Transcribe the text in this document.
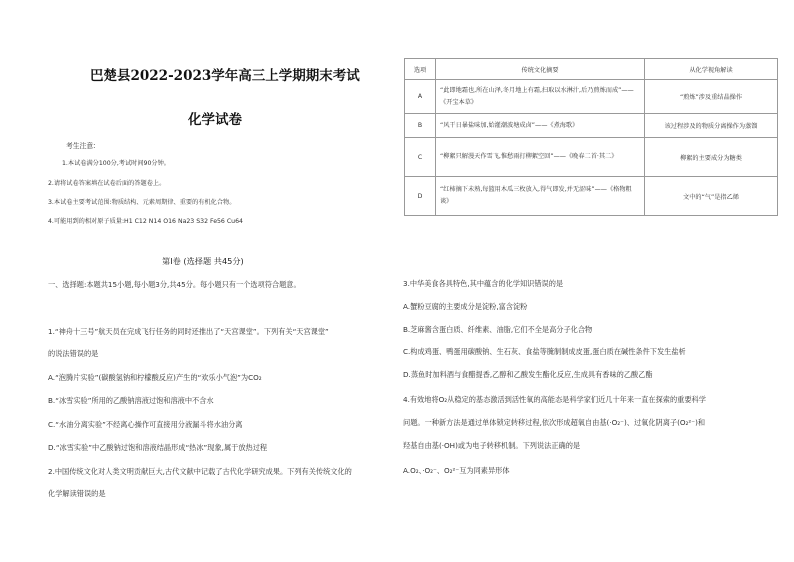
巴楚县2022-2023学年高三上学期期末考试
化学试卷
考生注意:
1.本试卷满分100分,考试时间90分钟。
2.请将试卷答案填在试卷后面的答题卷上。
3.本试卷主要考试范围:物质结构、元素周期律、重要的有机化合物。
4.可能用到的相对原子质量:H1 C12 N14 O16 Na23 S32 Fe56 Cu64
第Ⅰ卷 (选择题 共45分)
一、选择题:本题共15小题,每小题3分,共45分。每小题只有一个选项符合题意。
1.“神舟十三号”航天员在完成飞行任务的同时还推出了“天宫课堂”。下列有关“天宫课堂”
的说法错误的是
A.“泡腾片实验”(碳酸氢钠和柠檬酸反应)产生的“欢乐小气泡”为CO₂
B.“冰雪实验”所用的乙酸钠溶液过饱和溶液中不含水
C.“水油分离实验”不经离心操作可直接用分液漏斗将水油分离
D.“冰雪实验”中乙酸钠过饱和溶液结晶形成“热冰”现象,属于放热过程
2.中国传统文化对人类文明贡献巨大,古代文献中记载了古代化学研究成果。下列有关传统文化的
化学解读错误的是
选项	传统文化摘要	从化学视角解读
A	“此即地霜也,所在山泽,冬月地上有霜,扫取以水淋汁,后乃煎炼而成”——《开宝本草》	“煎炼”涉及重结晶操作
B	“风干日暴盐味加,始灌潮波塘成卤”——《煮海歌》	该过程涉及的物质分离操作为蒸馏
C	“柳絮只解漫天作雪飞,惟愁雨打柳絮空回”——《晚春二首·其二》	柳絮的主要成分为糖类
D	“红柿摘下未熟,每篮用木瓜三枚放入,得气即发,并无涩味”——《格物粗谈》	文中的“气”是指乙烯
3.中华美食各具特色,其中蕴含的化学知识错误的是
A.蟹粉豆腐的主要成分是淀粉,富含淀粉
B.芝麻酱含蛋白质、纤维素、油脂,它们不全是高分子化合物
C.构成鸡蛋、鸭蛋用碳酸钠、生石灰、食盐等腌制制成皮蛋,蛋白质在碱性条件下发生盐析
D.蒸鱼时加料酒与食醋提香,乙醇和乙酸发生酯化反应,生成具有香味的乙酸乙酯
4.有效地将O₂从稳定的基态激活到活性氧的高能态是科学家们近几十年来一直在探索的重要科学
问题。一种新方法是通过单体锁定转移过程,依次形成超氧自由基(·O₂⁻)、过氧化阴离子(O₂²⁻)和
羟基自由基(·OH)或为电子转移机制。下列说法正确的是
A.O₂、·O₂⁻、O₂²⁻互为同素异形体
